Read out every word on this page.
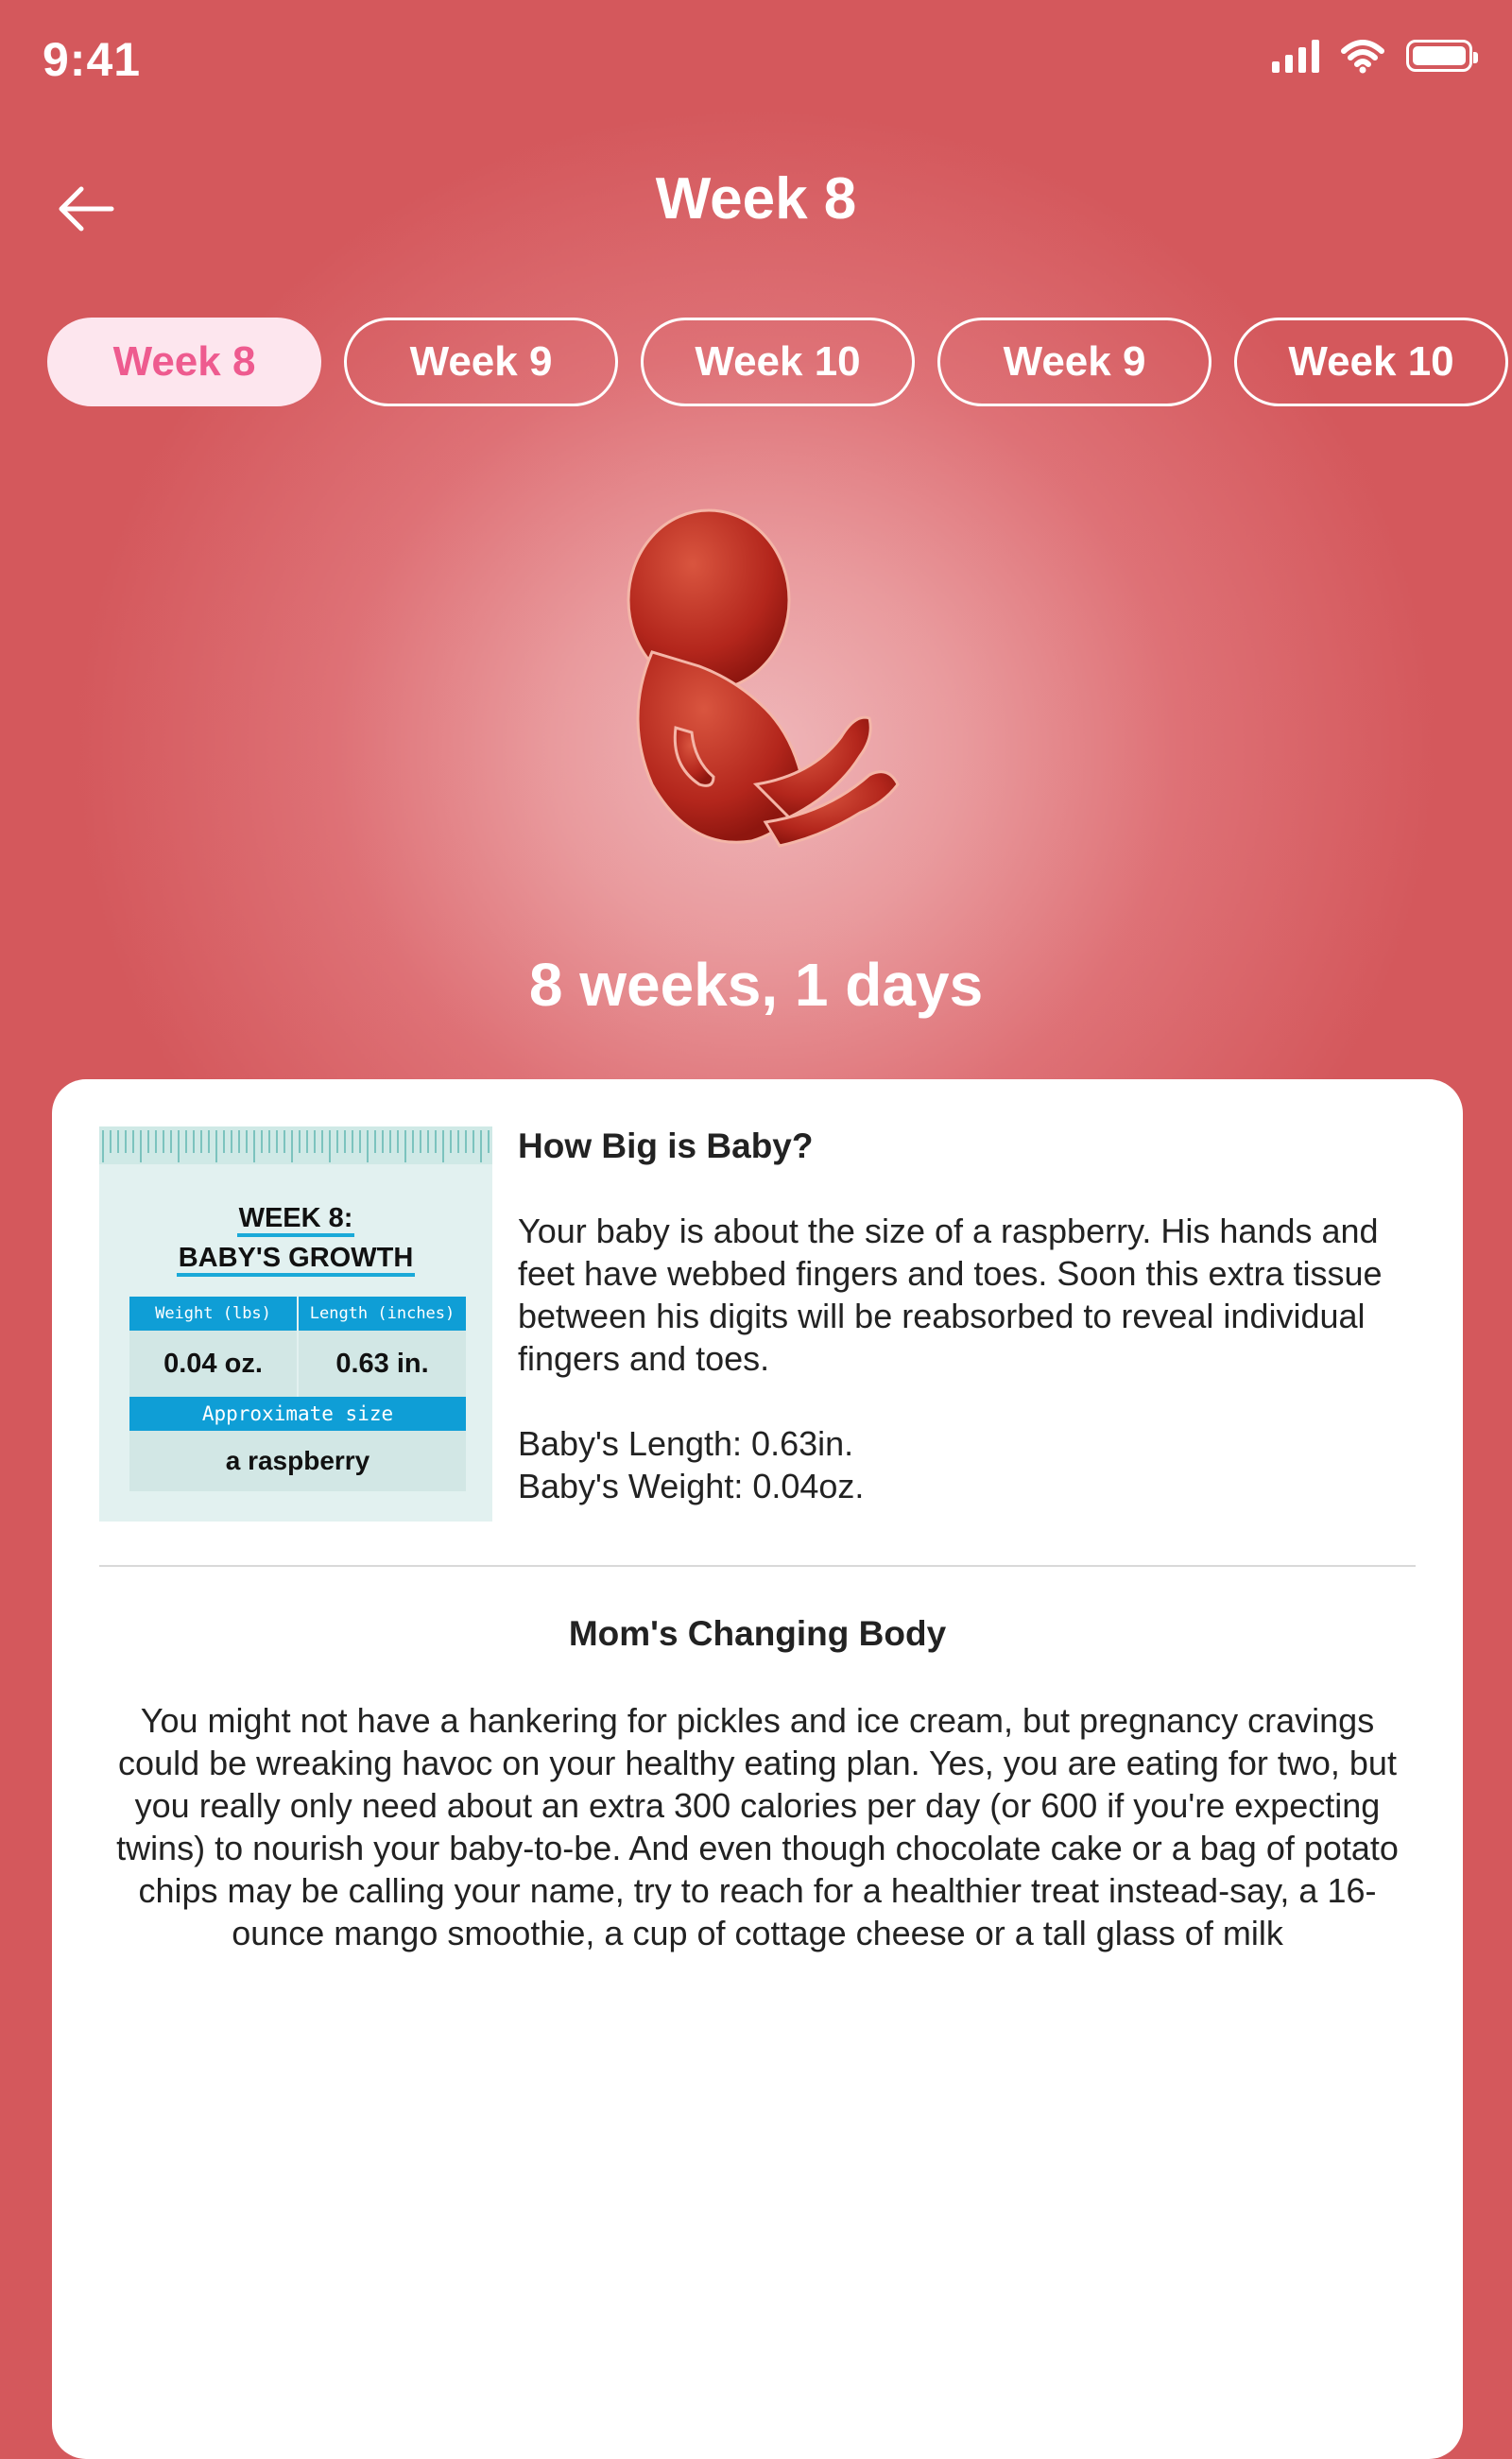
9:41
Week 8
Week 8	Week 9	Week 10	Week 9	Week 10
8 weeks, 1 days
WEEK 8:
BABY'S GROWTH
Weight (lbs)	Length (inches)
0.04 oz.	0.63 in.
Approximate size
a raspberry
How Big is Baby?

Your baby is about the size of a raspberry. His hands and feet have webbed fingers and toes. Soon this extra tissue between his digits will be reabsorbed to reveal individual fingers and toes.

Baby's Length: 0.63in.

Baby's Weight: 0.04oz.

Mom's Changing Body
You might not have a hankering for pickles and ice cream, but pregnancy cravings could be wreaking havoc on your healthy eating plan. Yes, you are eating for two, but you really only need about an extra 300 calories per day (or 600 if you're expecting twins) to nourish your baby-to-be. And even though chocolate cake or a bag of potato chips may be calling your name, try to reach for a healthier treat instead-say, a 16-ounce mango smoothie, a cup of cottage cheese or a tall glass of milk
